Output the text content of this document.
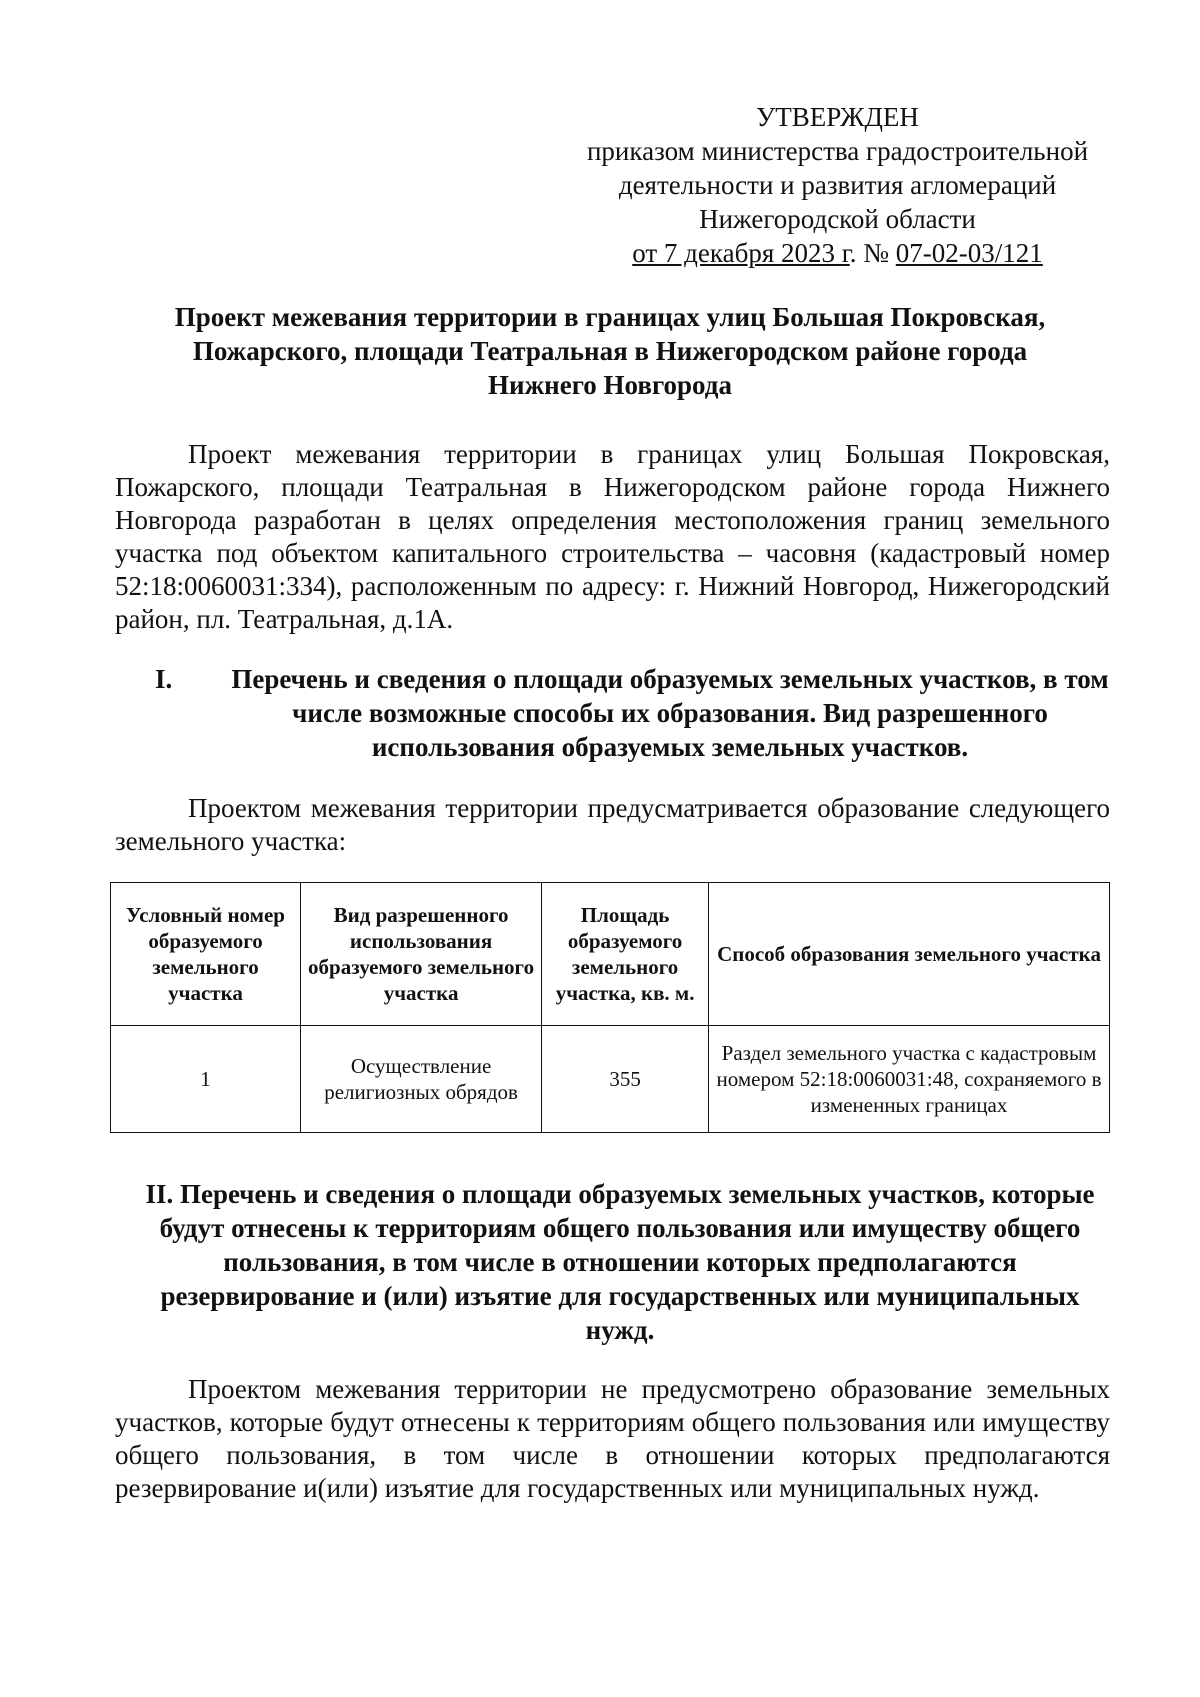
УТВЕРЖДЕН
приказом министерства градостроительной
деятельности и развития агломераций
Нижегородской области
от 7 декабря 2023 г. № 07-02-03/121
Проект межевания территории в границах улиц Большая Покровская,
Пожарского, площади Театральная в Нижегородском районе города
Нижнего Новгорода
Проект межевания территории в границах улиц Большая Покровская, Пожарского, площади Театральная в Нижегородском районе города Нижнего Новгорода разработан в целях определения местоположения границ земельного участка под объектом капитального строительства – часовня (кадастровый номер 52:18:0060031:334), расположенным по адресу: г. Нижний Новгород, Нижегородский район, пл. Театральная, д.1А.
I. Перечень и сведения о площади образуемых земельных участков, в том числе возможные способы их образования. Вид разрешенного использования образуемых земельных участков.
Проектом межевания территории предусматривается образование следующего земельного участка:
Условный номер образуемого земельного участка	Вид разрешенного использования образуемого земельного участка	Площадь образуемого земельного участка, кв. м.	Способ образования земельного участка
1	Осуществление религиозных обрядов	355	Раздел земельного участка с кадастровым номером 52:18:0060031:48, сохраняемого в измененных границах
II. Перечень и сведения о площади образуемых земельных участков, которые будут отнесены к территориям общего пользования или имуществу общего пользования, в том числе в отношении которых предполагаются резервирование и (или) изъятие для государственных или муниципальных нужд.
Проектом межевания территории не предусмотрено образование земельных участков, которые будут отнесены к территориям общего пользования или имуществу общего пользования, в том числе в отношении которых предполагаются резервирование и(или) изъятие для государственных или муниципальных нужд.
